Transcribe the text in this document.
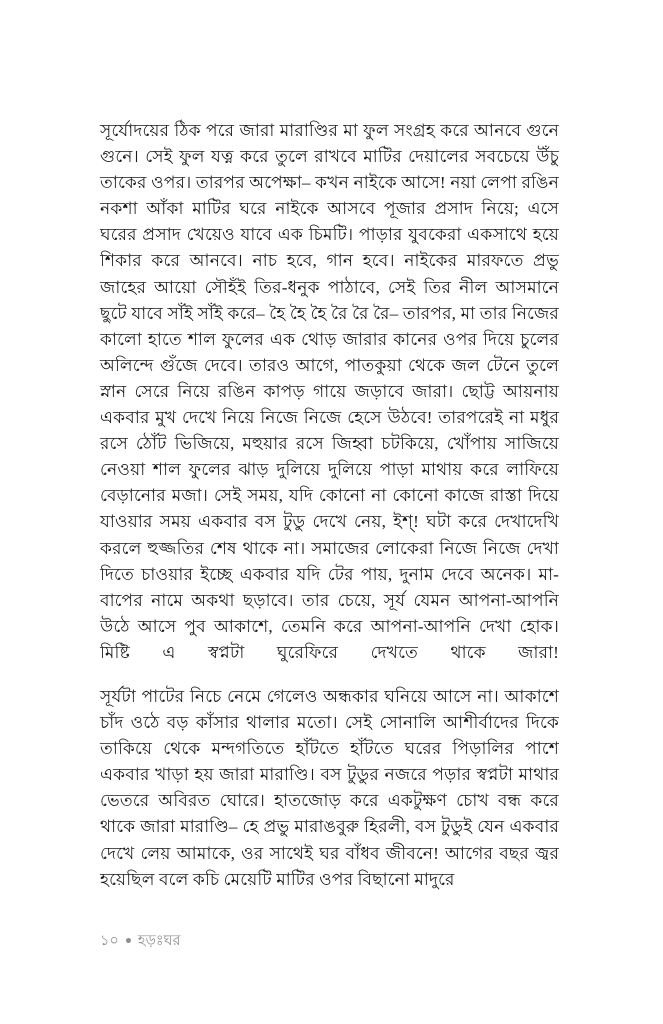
সূর্যোদয়ের ঠিক পরে জারা মারাণ্ডির মা ফুল সংগ্রহ করে আনবে গুনে গুনে। সেই ফুল যত্ন করে তুলে রাখবে মাটির দেয়ালের সবচেয়ে উঁচু তাকের ওপর। তারপর অপেক্ষা– কখন নাইকে আসে! নয়া লেপা রঙিন নকশা আঁকা মাটির ঘরে নাইকে আসবে পূজার প্রসাদ নিয়ে; এসে ঘরের প্রসাদ খেয়েও যাবে এক চিমটি। পাড়ার যুবকেরা একসাথে হয়ে শিকার করে আনবে। নাচ হবে, গান হবে। নাইকের মারফতে প্রভু জাহের আয়ো সৌহঁই তির-ধনুক পাঠাবে, সেই তির নীল আসমানে ছুটে যাবে সাঁই সাঁই করে– হৈ হৈ হৈ রৈ রৈ রৈ– তারপর, মা তার নিজের কালো হাতে শাল ফুলের এক থোড় জারার কানের ওপর দিয়ে চুলের অলিন্দে গুঁজে দেবে। তারও আগে, পাতকুয়া থেকে জল টেনে তুলে স্নান সেরে নিয়ে রঙিন কাপড় গায়ে জড়াবে জারা। ছোট্ট আয়নায় একবার মুখ দেখে নিয়ে নিজে নিজে হেসে উঠবে! তারপরেই না মধুর রসে ঠোঁট ভিজিয়ে, মহুয়ার রসে জিহ্বা চটকিয়ে, খোঁপায় সাজিয়ে নেওয়া শাল ফুলের ঝাড় দুলিয়ে দুলিয়ে পাড়া মাথায় করে লাফিয়ে বেড়ানোর মজা। সেই সময়, যদি কোনো না কোনো কাজে রাস্তা দিয়ে যাওয়ার সময় একবার বস টুডু দেখে নেয়, ইশ্! ঘটা করে দেখাদেখি করলে হুজ্জতির শেষ থাকে না। সমাজের লোকেরা নিজে নিজে দেখা দিতে চাওয়ার ইচ্ছে একবার যদি টের পায়, দুনাম দেবে অনেক। মা-বাপের নামে অকথা ছড়াবে। তার চেয়ে, সূর্য যেমন আপনা-আপনি উঠে আসে পুব আকাশে, তেমনি করে আপনা-আপনি দেখা হোক। মিষ্টি এ স্বপ্নটা ঘুরেফিরে দেখতে থাকে জারা!

সূর্যটা পাটের নিচে নেমে গেলেও অন্ধকার ঘনিয়ে আসে না। আকাশে চাঁদ ওঠে বড় কাঁসার থালার মতো। সেই সোনালি আশীর্বাদের দিকে তাকিয়ে থেকে মন্দগতিতে হাঁটতে হাঁটতে ঘরের পিড়ালির পাশে একবার খাড়া হয় জারা মারাণ্ডি। বস টুডুর নজরে পড়ার স্বপ্নটা মাথার ভেতরে অবিরত ঘোরে। হাতজোড় করে একটুক্ষণ চোখ বন্ধ করে থাকে জারা মারাণ্ডি– হে প্রভু মারাঙবুরু হিরলী, বস টুডুই যেন একবার দেখে লেয় আমাকে, ওর সাথেই ঘর বাঁধব জীবনে! আগের বছর জ্বর হয়েছিল বলে কচি মেয়েটি মাটির ওপর বিছানো মাদুরে

১০ হড়ঃঘর
